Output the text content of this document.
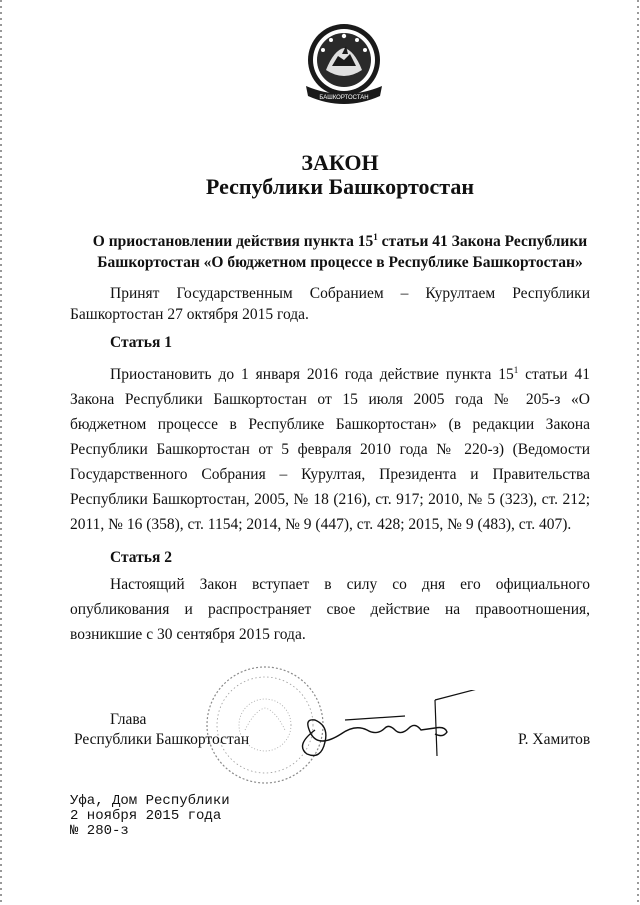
БАШКОРТОСТАН
ЗАКОН
Республики Башкортостан
О приостановлении действия пункта $15^1$ статьи 41 Закона Республики Башкортостан «О бюджетном процессе в Республике Башкортостан»
Принят Государственным Собранием – Курултаем Республики Башкортостан 27 октября 2015 года.
Статья 1
Приостановить до 1 января 2016 года действие пункта $15^1$ статьи 41 Закона Республики Башкортостан от 15 июля 2005 года № 205-з «О бюджетном процессе в Республике Башкортостан» (в редакции Закона Республики Башкортостан от 5 февраля 2010 года № 220-з) (Ведомости Государственного Собрания – Курултая, Президента и Правительства Республики Башкортостан, 2005, № 18 (216), ст. 917; 2010, № 5 (323), ст. 212; 2011, № 16 (358), ст. 1154; 2014, № 9 (447), ст. 428; 2015, № 9 (483), ст. 407).
Статья 2
Настоящий Закон вступает в силу со дня его официального опубликования и распространяет свое действие на правоотношения, возникшие с 30 сентября 2015 года.
Глава
Республики Башкортостан	Р. Хамитов
Уфа, Дом Республики
2 ноября 2015 года
№ 280-з
